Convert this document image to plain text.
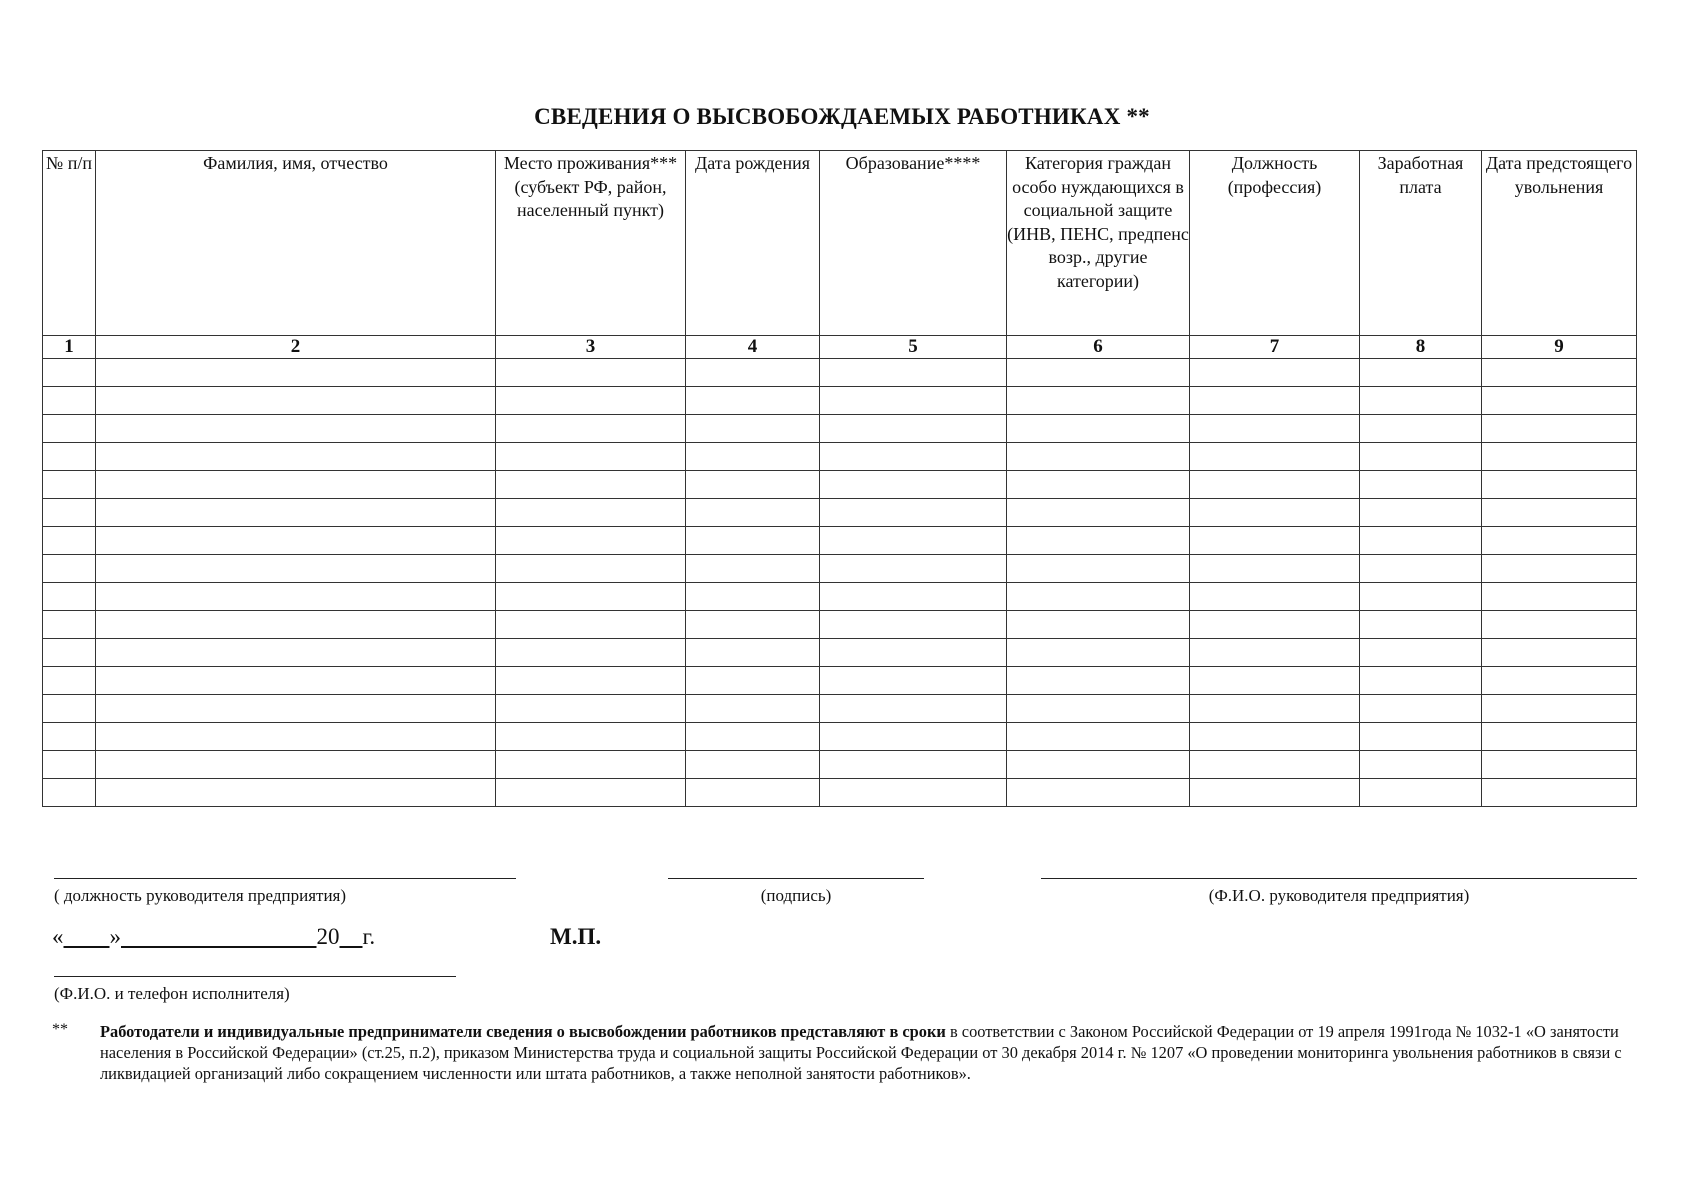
СВЕДЕНИЯ О ВЫСВОБОЖДАЕМЫХ РАБОТНИКАХ **
№ п/п	Фамилия, имя, отчество	Место проживания*** (субъект РФ, район, населенный пункт)	Дата рождения	Образование****	Категория граждан особо нуждающихся в социальной защите (ИНВ, ПЕНС, предпенс возр., другие категории)	Должность (профессия)	Заработная плата	Дата предстоящего увольнения
1	2	3	4	5	6	7	8	9

( должность руководителя предприятия)	(подпись)	(Ф.И.О. руководителя предприятия)
« »	20 г.	М.П.
(Ф.И.О. и телефон исполнителя)
** Работодатели и индивидуальные предприниматели сведения о высвобождении работников представляют в сроки в соответствии с Законом Российской Федерации от 19 апреля 1991года № 1032-1 «О занятости населения в Российской Федерации» (ст.25, п.2), приказом Министерства труда и социальной защиты Российской Федерации от 30 декабря 2014 г. № 1207 «О проведении мониторинга увольнения работников в связи с ликвидацией организаций либо сокращением численности или штата работников, а также неполной занятости работников».
